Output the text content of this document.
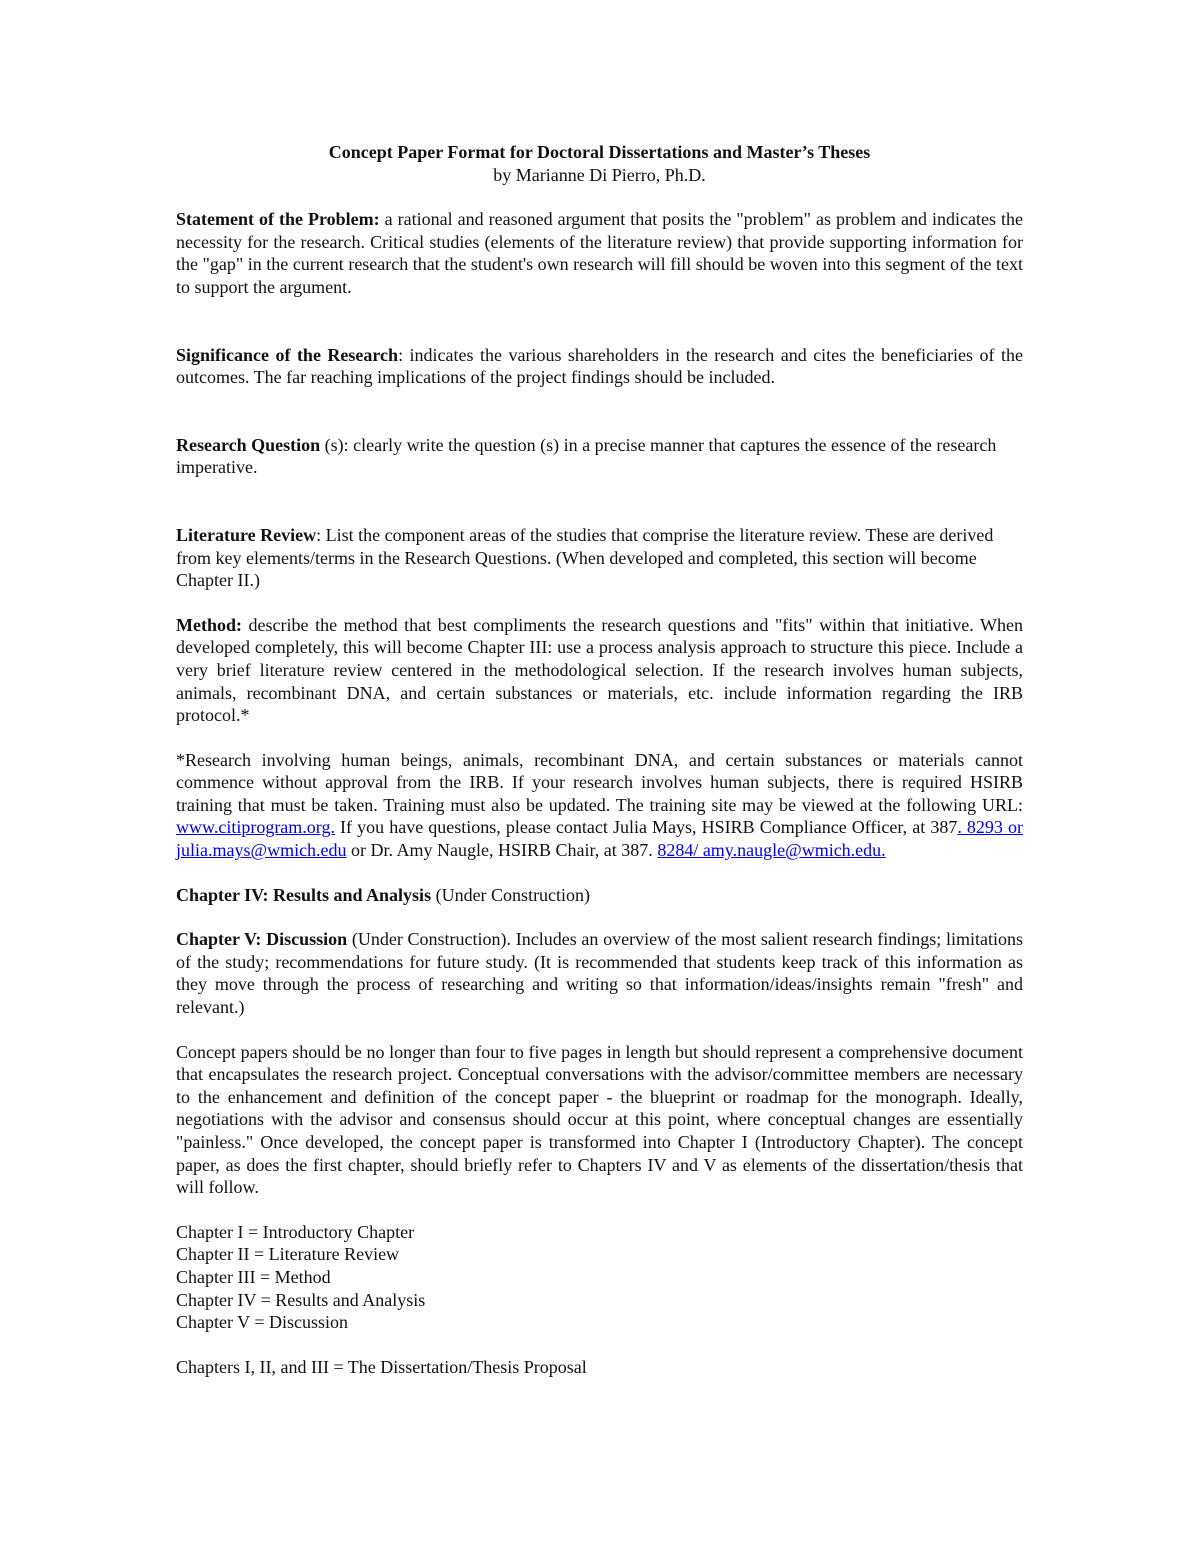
Concept Paper Format for Doctoral Dissertations and Master’s Theses

by Marianne Di Pierro, Ph.D.

Statement of the Problem: a rational and reasoned argument that posits the "problem" as problem and indicates the necessity for the research. Critical studies (elements of the literature review) that provide supporting information for the "gap" in the current research that the student's own research will fill should be woven into this segment of the text to support the argument.

Significance of the Research: indicates the various shareholders in the research and cites the beneficiaries of the outcomes. The far reaching implications of the project findings should be included.

Research Question (s): clearly write the question (s) in a precise manner that captures the essence of the research imperative.

Literature Review: List the component areas of the studies that comprise the literature review. These are derived from key elements/terms in the Research Questions. (When developed and completed, this section will become Chapter II.)

Method: describe the method that best compliments the research questions and "fits" within that initiative. When developed completely, this will become Chapter III: use a process analysis approach to structure this piece. Include a very brief literature review centered in the methodological selection. If the research involves human subjects, animals, recombinant DNA, and certain substances or materials, etc. include information regarding the IRB protocol.*

*Research involving human beings, animals, recombinant DNA, and certain substances or materials cannot commence without approval from the IRB. If your research involves human subjects, there is required HSIRB training that must be taken. Training must also be updated. The training site may be viewed at the following URL: www.citiprogram.org. If you have questions, please contact Julia Mays, HSIRB Compliance Officer, at 387. 8293 or julia.mays@wmich.edu or Dr. Amy Naugle, HSIRB Chair, at 387. 8284/ amy.naugle@wmich.edu.

Chapter IV: Results and Analysis (Under Construction)

Chapter V: Discussion (Under Construction). Includes an overview of the most salient research findings; limitations of the study; recommendations for future study. (It is recommended that students keep track of this information as they move through the process of researching and writing so that information/ideas/insights remain "fresh" and relevant.)

Concept papers should be no longer than four to five pages in length but should represent a comprehensive document that encapsulates the research project. Conceptual conversations with the advisor/committee members are necessary to the enhancement and definition of the concept paper - the blueprint or roadmap for the monograph. Ideally, negotiations with the advisor and consensus should occur at this point, where conceptual changes are essentially "painless." Once developed, the concept paper is transformed into Chapter I (Introductory Chapter). The concept paper, as does the first chapter, should briefly refer to Chapters IV and V as elements of the dissertation/thesis that will follow.

Chapter I = Introductory Chapter

Chapter II = Literature Review

Chapter III = Method

Chapter IV = Results and Analysis

Chapter V = Discussion

Chapters I, II, and III = The Dissertation/Thesis Proposal
